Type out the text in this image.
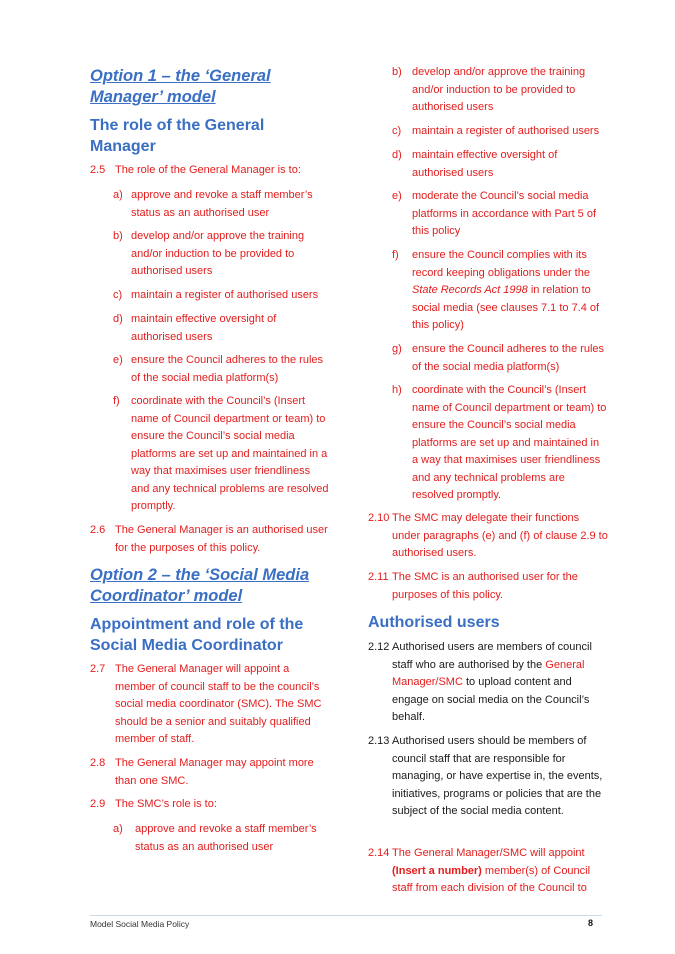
Option 1 – the ‘General Manager’ model
The role of the General Manager
2.5 The role of the General Manager is to:
a) approve and revoke a staff member’s status as an authorised user
b) develop and/or approve the training and/or induction to be provided to authorised users
c) maintain a register of authorised users
d) maintain effective oversight of authorised users
e) ensure the Council adheres to the rules of the social media platform(s)
f)	coordinate with the Council’s (Insert name of Council department or team) to ensure the Council’s social media platforms are set up and maintained in a way that maximises user friendliness and any technical problems are resolved promptly.
2.6 The General Manager is an authorised user for the purposes of this policy.
Option 2 – the ‘Social Media Coordinator’ model
Appointment and role of the Social Media Coordinator
2.7 The General Manager will appoint a member of council staff to be the council’s social media coordinator (SMC). The SMC should be a senior and suitably qualified member of staff.
2.8 The General Manager may appoint more than one SMC.
2.9 The SMC’s role is to:
a)	approve and revoke a staff member’s status as an authorised user
b) develop and/or approve the training and/or induction to be provided to authorised users
c) maintain a register of authorised users
d) maintain effective oversight of authorised users
e) moderate the Council’s social media platforms in accordance with Part 5 of this policy
f)	ensure the Council complies with its record keeping obligations under the State Records Act 1998 in relation to social media (see clauses 7.1 to 7.4 of this policy)
g) ensure the Council adheres to the rules of the social media platform(s)
h) coordinate with the Council’s (Insert name of Council department or team) to ensure the Council’s social media platforms are set up and maintained in a way that maximises user friendliness and any technical problems are resolved promptly.
2.10 The SMC may delegate their functions under paragraphs (e) and (f) of clause 2.9 to authorised users.
2.11 The SMC is an authorised user for the purposes of this policy.
Authorised users
2.12 Authorised users are members of council staff who are authorised by the General Manager/SMC to upload content and engage on social media on the Council’s behalf.
2.13 Authorised users should be members of council staff that are responsible for managing, or have expertise in, the events, initiatives, programs or policies that are the subject of the social media content.
2.14 The General Manager/SMC will appoint (Insert a number) member(s) of Council staff from each division of the Council to
Model Social Media Policy	8
